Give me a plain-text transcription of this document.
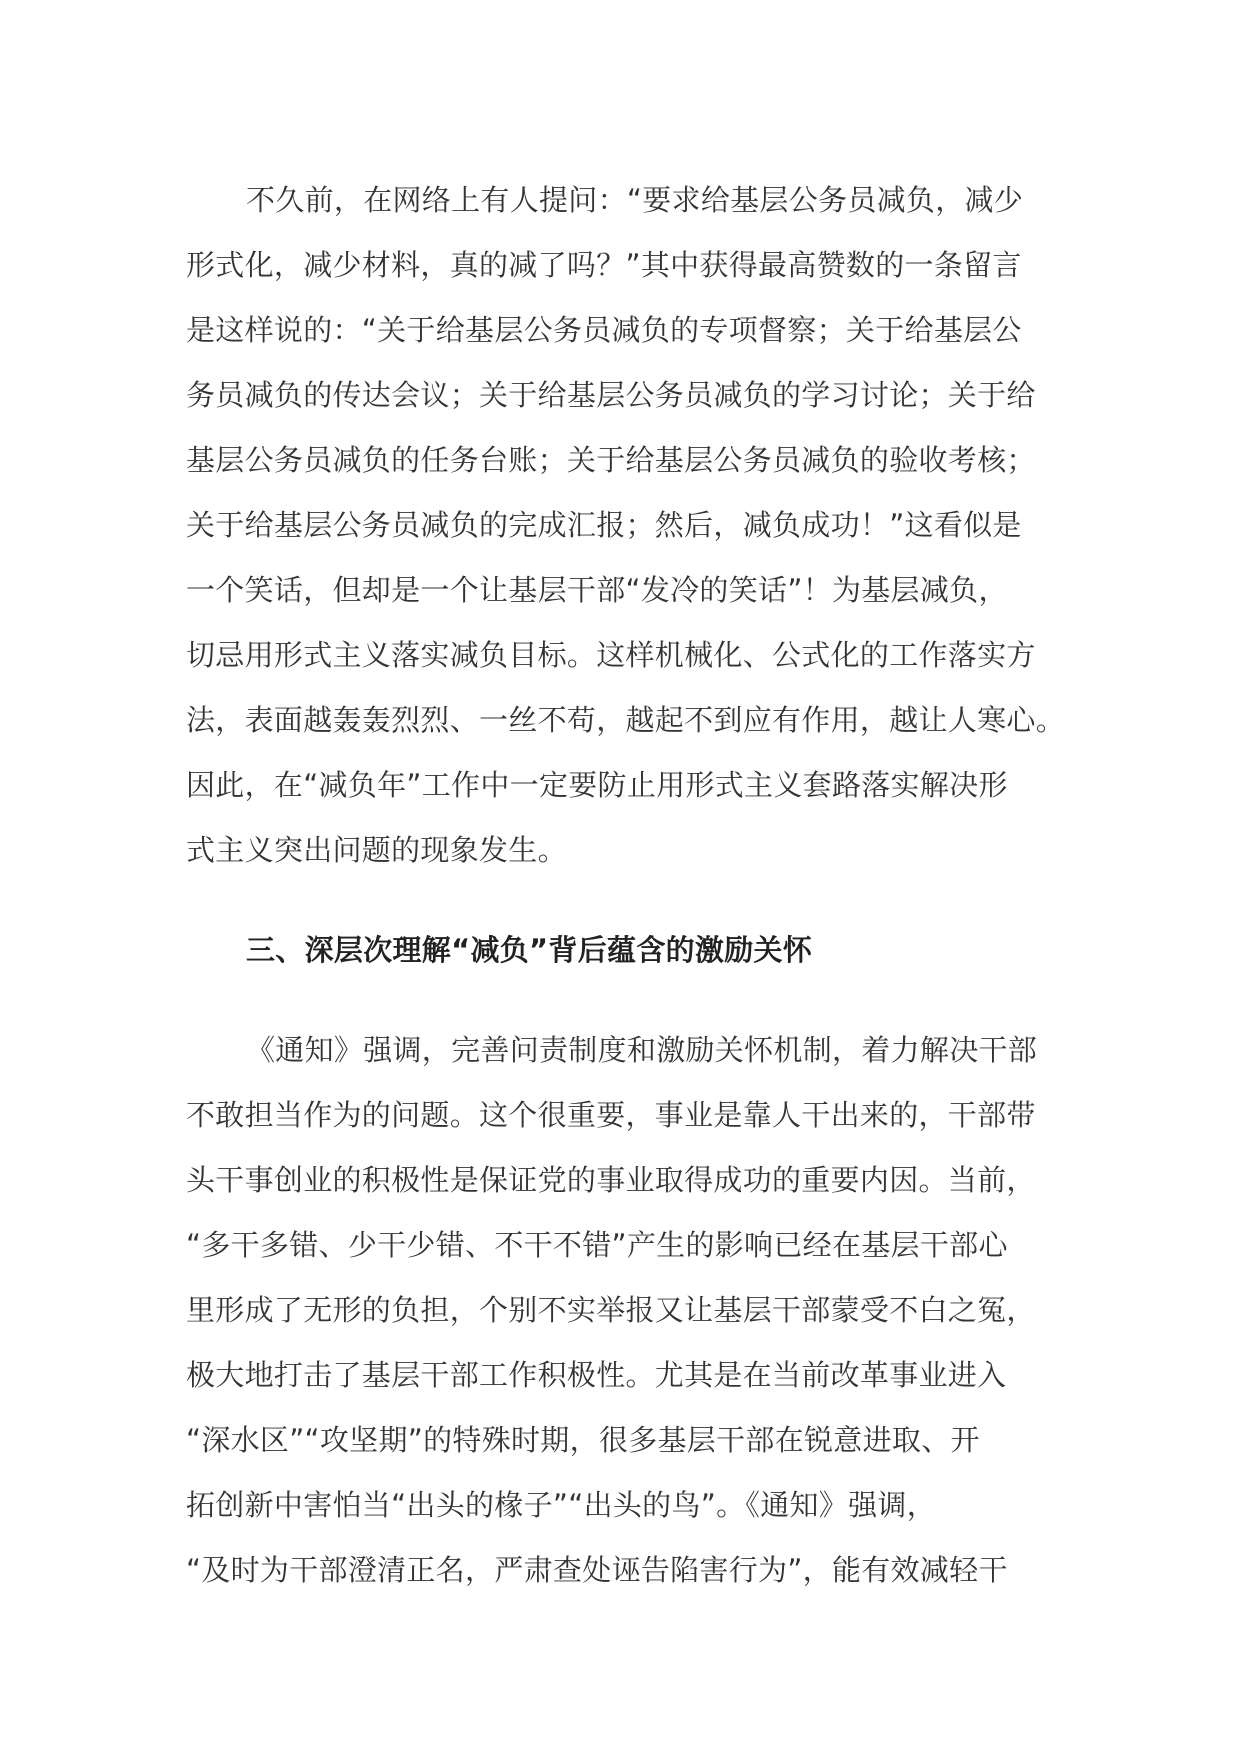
不久前，在网络上有人提问：“要求给基层公务员减负，减少
形式化，减少材料，真的减了吗？”其中获得最高赞数的一条留言
是这样说的：“关于给基层公务员减负的专项督察；关于给基层公
务员减负的传达会议；关于给基层公务员减负的学习讨论；关于给
基层公务员减负的任务台账；关于给基层公务员减负的验收考核；
关于给基层公务员减负的完成汇报；然后，减负成功！”这看似是
一个笑话，但却是一个让基层干部“发冷的笑话”！为基层减负，
切忌用形式主义落实减负目标。这样机械化、公式化的工作落实方
法，表面越轰轰烈烈、一丝不苟，越起不到应有作用，越让人寒心。
因此，在“减负年”工作中一定要防止用形式主义套路落实解决形
式主义突出问题的现象发生。
三、深层次理解“减负”背后蕴含的激励关怀
《通知》强调，完善问责制度和激励关怀机制，着力解决干部
不敢担当作为的问题。这个很重要，事业是靠人干出来的，干部带
头干事创业的积极性是保证党的事业取得成功的重要内因。当前，
“多干多错、少干少错、不干不错”产生的影响已经在基层干部心
里形成了无形的负担，个别不实举报又让基层干部蒙受不白之冤，
极大地打击了基层干部工作积极性。尤其是在当前改革事业进入
“深水区”“攻坚期”的特殊时期，很多基层干部在锐意进取、开
拓创新中害怕当“出头的椽子”“出头的鸟”。《通知》强调，
“及时为干部澄清正名，严肃查处诬告陷害行为”，能有效减轻干
